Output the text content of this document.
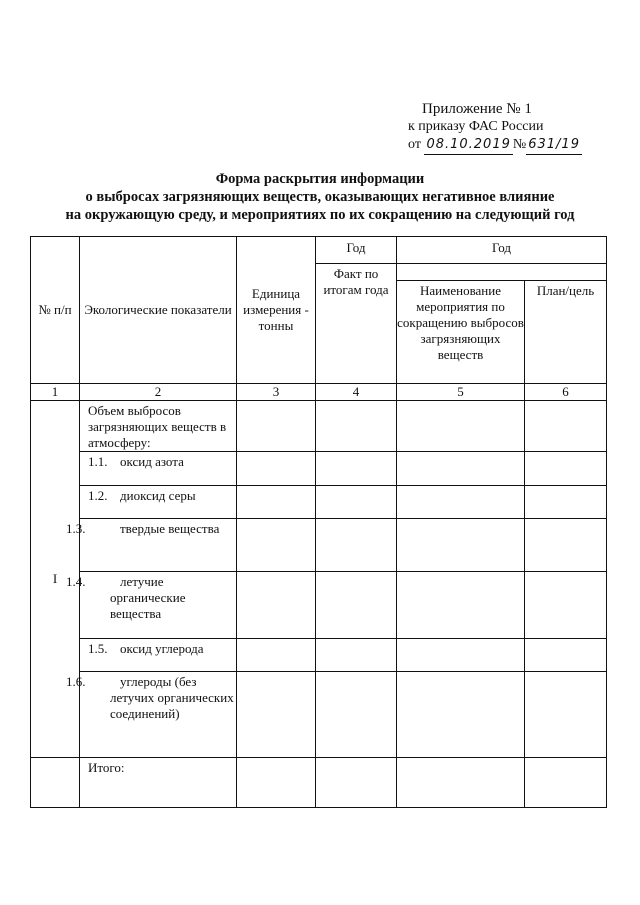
Приложение № 1
к приказу ФАС России
от 08.10.2019 № 631/19
Форма раскрытия информации
о выбросах загрязняющих веществ, оказывающих негативное влияние
на окружающую среду, и мероприятиях по их сокращению на следующий год
№ п/п	Экологические показатели	Единица измерения - тонны	Год	Год	
			Факт по итогам года		
				Наименование мероприятия по сокращению выбросов загрязняющих веществ	План/цель
1	2	3	4	5	6
I	Объем выбросов загрязняющих веществ в атмосферу:				
	1.1. оксид азота				
	1.2. диоксид серы				

	1.3. твердые вещества				

	1.4. летучие органические вещества				

	1.5. оксид углерода				

	1.6. углероды (без летучих органических соединений)				

	Итого:				
